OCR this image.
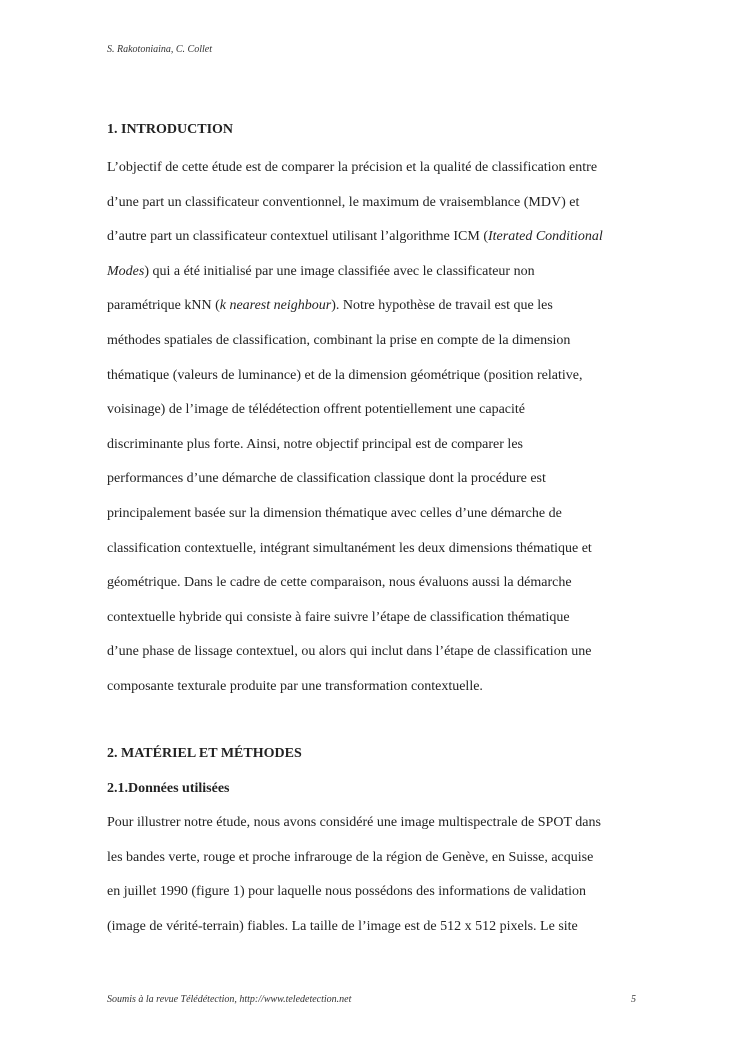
S. Rakotoniaina, C. Collet
1. INTRODUCTION
L’objectif de cette étude est de comparer la précision et la qualité de classification entre
d’une part un classificateur conventionnel, le maximum de vraisemblance (MDV) et
d’autre part un classificateur contextuel utilisant l’algorithme ICM (Iterated Conditional
Modes) qui a été initialisé par une image classifiée avec le classificateur non
paramétrique kNN (k nearest neighbour). Notre hypothèse de travail est que les
méthodes spatiales de classification, combinant la prise en compte de la dimension
thématique (valeurs de luminance) et de la dimension géométrique (position relative,
voisinage) de l’image de télédétection offrent potentiellement une capacité
discriminante plus forte. Ainsi, notre objectif principal est de comparer les
performances d’une démarche de classification classique dont la procédure est
principalement basée sur la dimension thématique avec celles d’une démarche de
classification contextuelle, intégrant simultanément les deux dimensions thématique et
géométrique. Dans le cadre de cette comparaison, nous évaluons aussi la démarche
contextuelle hybride qui consiste à faire suivre l’étape de classification thématique
d’une phase de lissage contextuel, ou alors qui inclut dans l’étape de classification une
composante texturale produite par une transformation contextuelle.
2. MATÉRIEL ET MÉTHODES
2.1.Données utilisées
Pour illustrer notre étude, nous avons considéré une image multispectrale de SPOT dans
les bandes verte, rouge et proche infrarouge de la région de Genève, en Suisse, acquise
en juillet 1990 (figure 1) pour laquelle nous possédons des informations de validation
(image de vérité-terrain) fiables. La taille de l’image est de 512 x 512 pixels. Le site
Soumis à la revue Télédétection, http://www.teledetection.net	5
